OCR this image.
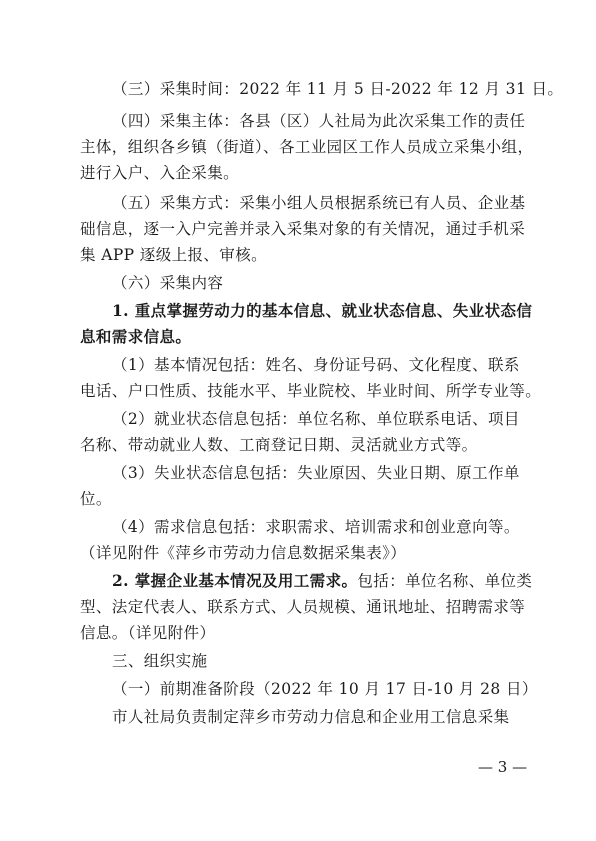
（三）采集时间：2022 年 11 月 5 日-2022 年 12 月 31 日。
（四）采集主体：各县（区）人社局为此次采集工作的责任
主体，组织各乡镇（街道）、各工业园区工作人员成立采集小组，
进行入户、入企采集。
（五）采集方式：采集小组人员根据系统已有人员、企业基
础信息，逐一入户完善并录入采集对象的有关情况，通过手机采
集 APP 逐级上报、审核。
（六）采集内容
1. 重点掌握劳动力的基本信息、就业状态信息、失业状态信
息和需求信息。
（1）基本情况包括：姓名、身份证号码、文化程度、联系
电话、户口性质、技能水平、毕业院校、毕业时间、所学专业等。
（2）就业状态信息包括：单位名称、单位联系电话、项目
名称、带动就业人数、工商登记日期、灵活就业方式等。
（3）失业状态信息包括：失业原因、失业日期、原工作单
位。
（4）需求信息包括：求职需求、培训需求和创业意向等。
（详见附件《萍乡市劳动力信息数据采集表》）
2. 掌握企业基本情况及用工需求。包括：单位名称、单位类
型、法定代表人、联系方式、人员规模、通讯地址、招聘需求等
信息。（详见附件）
三、组织实施
（一）前期准备阶段（2022 年 10 月 17 日-10 月 28 日）
市人社局负责制定萍乡市劳动力信息和企业用工信息采集
— 3 —
